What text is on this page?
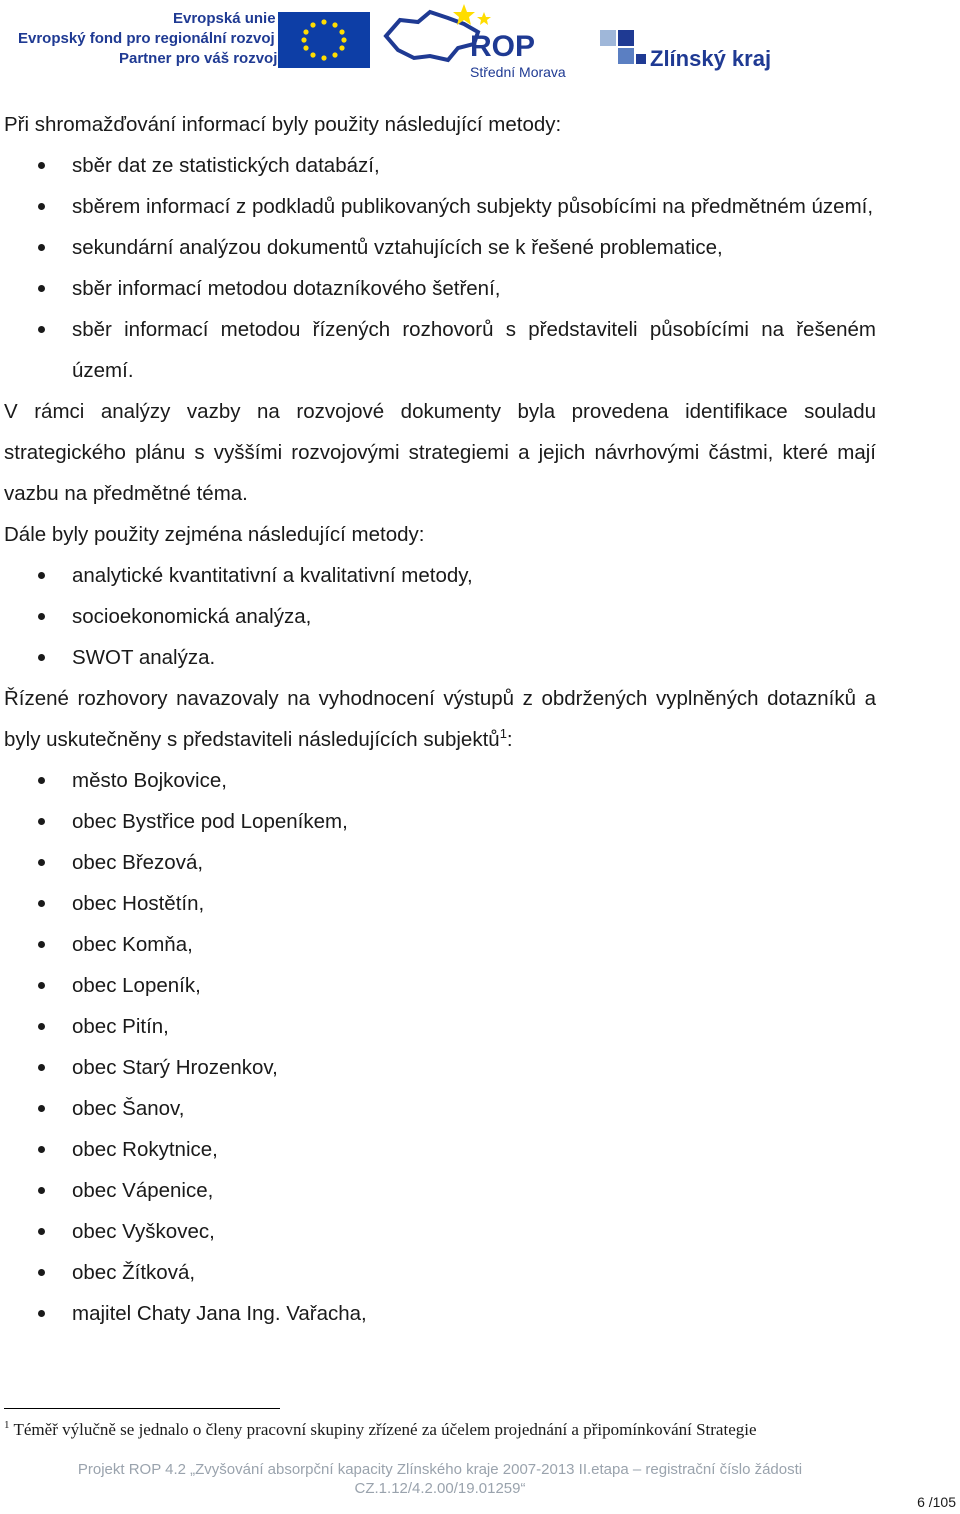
Evropská unie
Evropský fond pro regionální rozvoj
Partner pro váš rozvoj	ROP
Střední Morava
Zlínský kraj

Při shromažďování informací byly použity následující metody:

sběr dat ze statistických databází,
sběrem informací z podkladů publikovaných subjekty působícími na předmětném území,
sekundární analýzou dokumentů vztahujících se k řešené problematice,
sběr informací metodou dotazníkového šetření,
sběr informací metodou řízených rozhovorů s představiteli působícími na řešeném území.

V rámci analýzy vazby na rozvojové dokumenty byla provedena identifikace souladu strategického plánu s vyššími rozvojovými strategiemi a jejich návrhovými částmi, které mají vazbu na předmětné téma.

Dále byly použity zejména následující metody:

analytické kvantitativní a kvalitativní metody,
socioekonomická analýza,
SWOT analýza.

Řízené rozhovory navazovaly na vyhodnocení výstupů z obdržených vyplněných dotazníků a byly uskutečněny s představiteli následujících subjektů$^1$:

město Bojkovice,
obec Bystřice pod Lopeníkem,
obec Březová,
obec Hostětín,
obec Komňa,
obec Lopeník,
obec Pitín,
obec Starý Hrozenkov,
obec Šanov,
obec Rokytnice,
obec Vápenice,
obec Vyškovec,
obec Žítková,
majitel Chaty Jana Ing. Vařacha,
$^1$ Téměř výlučně se jednalo o členy pracovní skupiny zřízené za účelem projednání a připomínkování Strategie
Projekt ROP 4.2 „Zvyšování absorpční kapacity Zlínského kraje 2007-2013 II.etapa – registrační číslo žádosti
CZ.1.12/4.2.00/19.01259“
6 /105
